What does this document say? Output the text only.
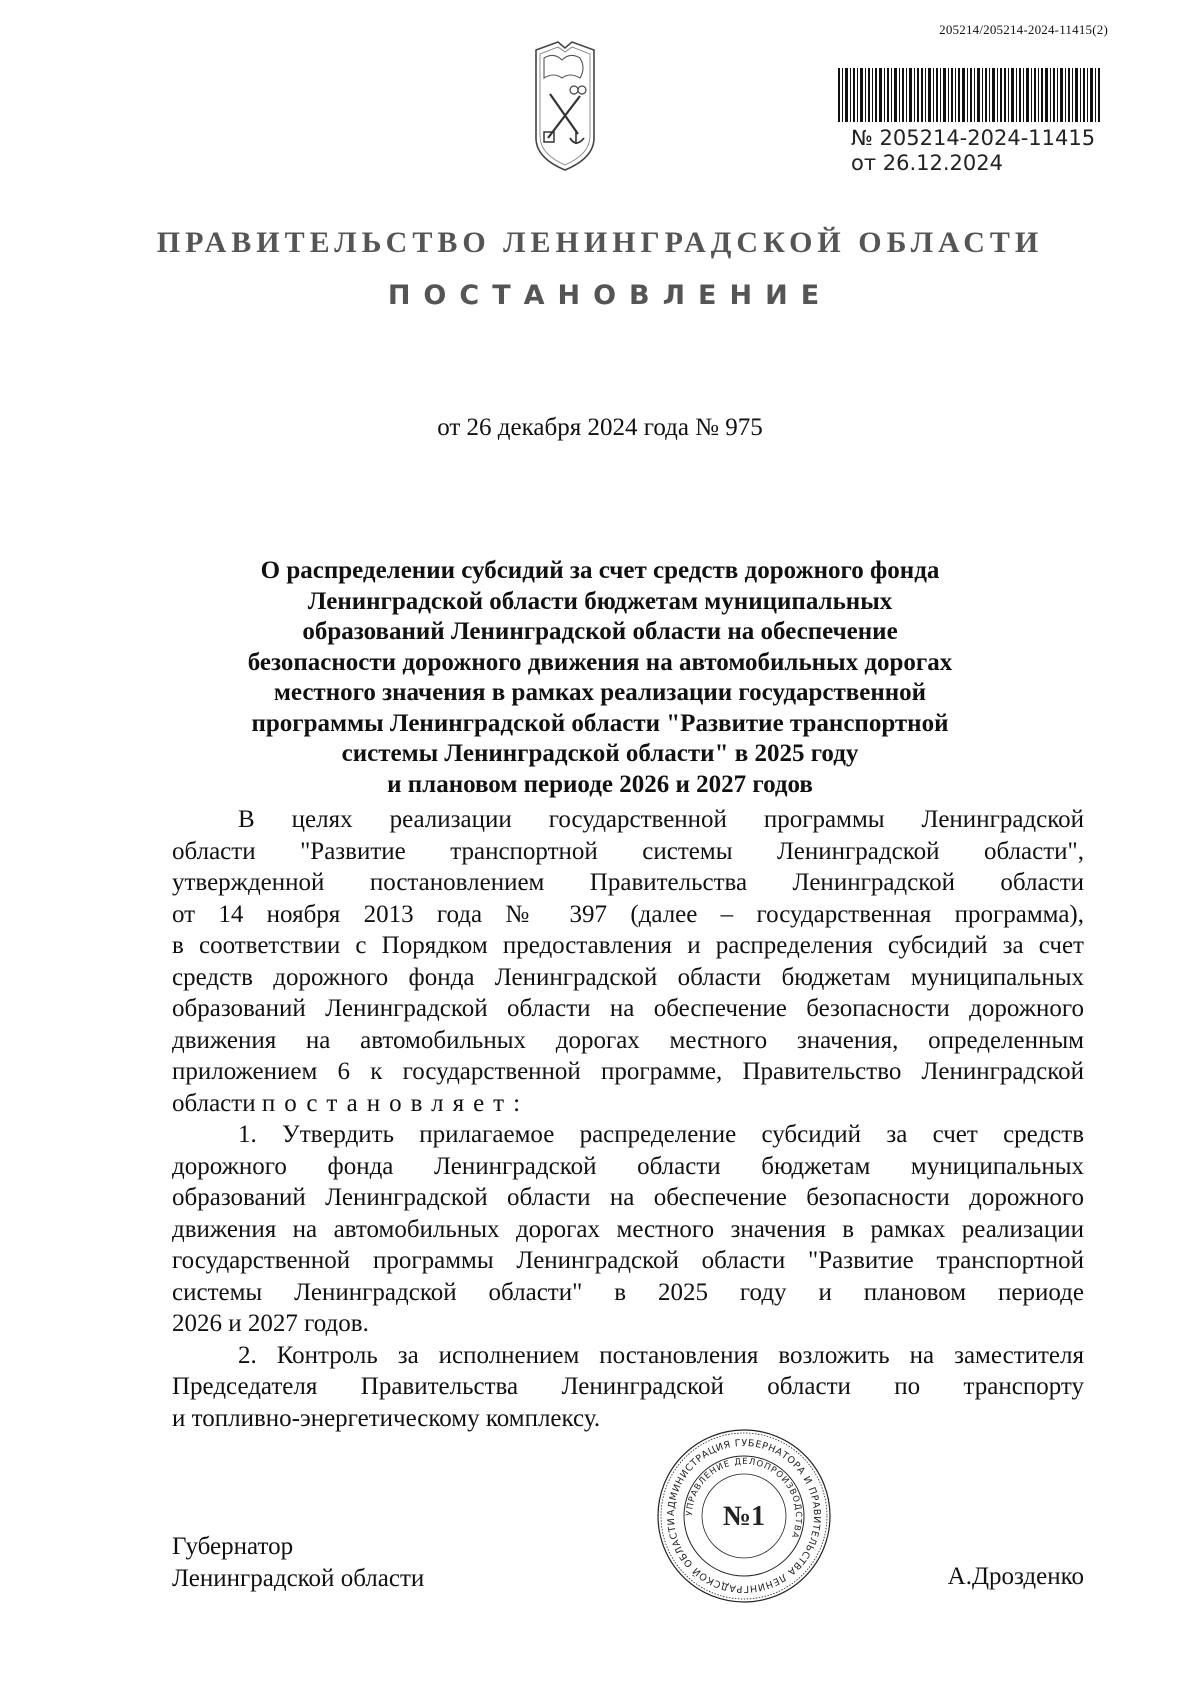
205214/205214-2024-11415(2)
№ 205214-2024-11415
от 26.12.2024
ПРАВИТЕЛЬСТВО ЛЕНИНГРАДСКОЙ ОБЛАСТИ
ПОСТАНОВЛЕНИЕ
от 26 декабря 2024 года № 975
О распределении субсидий за счет средств дорожного фонда
Ленинградской области бюджетам муниципальных
образований Ленинградской области на обеспечение
безопасности дорожного движения на автомобильных дорогах
местного значения в рамках реализации государственной
программы Ленинградской области "Развитие транспортной
системы Ленинградской области" в 2025 году
и плановом периоде 2026 и 2027 годов
В целях реализации государственной программы Ленинградской
области "Развитие транспортной системы Ленинградской области",
утвержденной постановлением Правительства Ленинградской области
от 14 ноября 2013 года № 397 (далее – государственная программа),
в соответствии с Порядком предоставления и распределения субсидий за счет
средств дорожного фонда Ленинградской области бюджетам муниципальных
образований Ленинградской области на обеспечение безопасности дорожного
движения на автомобильных дорогах местного значения, определенным
приложением 6 к государственной программе, Правительство Ленинградской
области постановляет:
1. Утвердить прилагаемое распределение субсидий за счет средств
дорожного фонда Ленинградской области бюджетам муниципальных
образований Ленинградской области на обеспечение безопасности дорожного
движения на автомобильных дорогах местного значения в рамках реализации
государственной программы Ленинградской области "Развитие транспортной
системы Ленинградской области" в 2025 году и плановом периоде
2026 и 2027 годов.
2. Контроль за исполнением постановления возложить на заместителя
Председателя Правительства Ленинградской области по транспорту
и топливно-энергетическому комплексу.
Губернатор
Ленинградской области
АДМИНИСТРАЦИЯ ГУБЕРНАТОРА И ПРАВИТЕЛЬСТВА ЛЕНИНГРАДСКОЙ ОБЛАСТИ
УПРАВЛЕНИЕ ДЕЛОПРОИЗВОДСТВА
№1
А.Дрозденко
